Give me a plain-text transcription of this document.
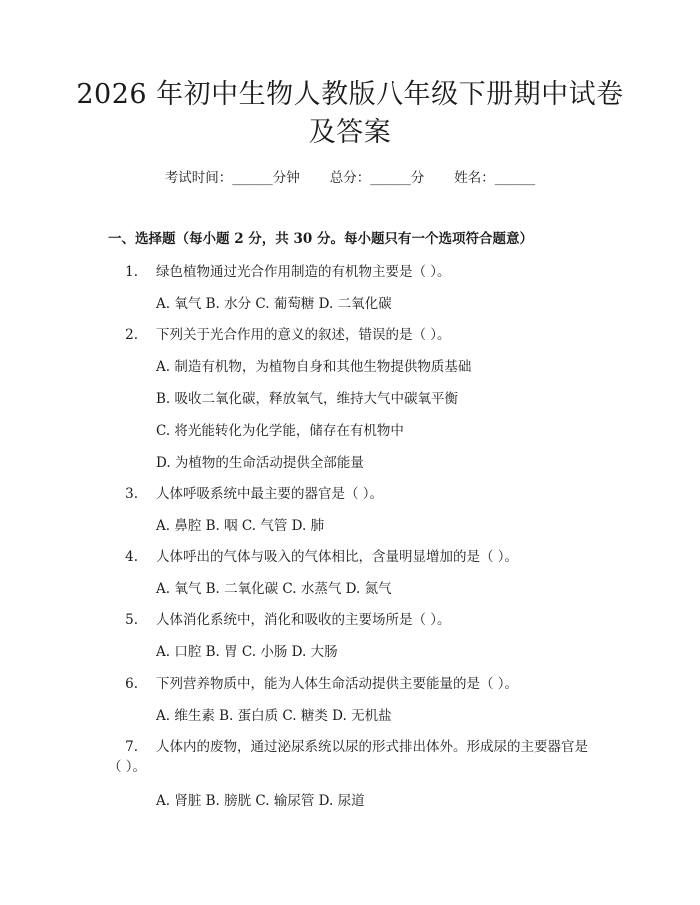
2026 年初中生物人教版八年级下册期中试卷
及答案
考试时间：______分钟 总分：______分 姓名：______
一、选择题（每小题 2 分，共 30 分。每小题只有一个选项符合题意）
1. 绿色植物通过光合作用制造的有机物主要是（ ）。
A. 氧气 B. 水分 C. 葡萄糖 D. 二氧化碳
2. 下列关于光合作用的意义的叙述，错误的是（ ）。
A. 制造有机物，为植物自身和其他生物提供物质基础
B. 吸收二氧化碳，释放氧气，维持大气中碳氧平衡
C. 将光能转化为化学能，储存在有机物中
D. 为植物的生命活动提供全部能量
3. 人体呼吸系统中最主要的器官是（ ）。
A. 鼻腔 B. 咽 C. 气管 D. 肺
4. 人体呼出的气体与吸入的气体相比，含量明显增加的是（ ）。
A. 氧气 B. 二氧化碳 C. 水蒸气 D. 氮气
5. 人体消化系统中，消化和吸收的主要场所是（ ）。
A. 口腔 B. 胃 C. 小肠 D. 大肠
6. 下列营养物质中，能为人体生命活动提供主要能量的是（ ）。
A. 维生素 B. 蛋白质 C. 糖类 D. 无机盐
7. 人体内的废物，通过泌尿系统以尿的形式排出体外。形成尿的主要器官是（ ）。
A. 肾脏 B. 膀胱 C. 输尿管 D. 尿道
